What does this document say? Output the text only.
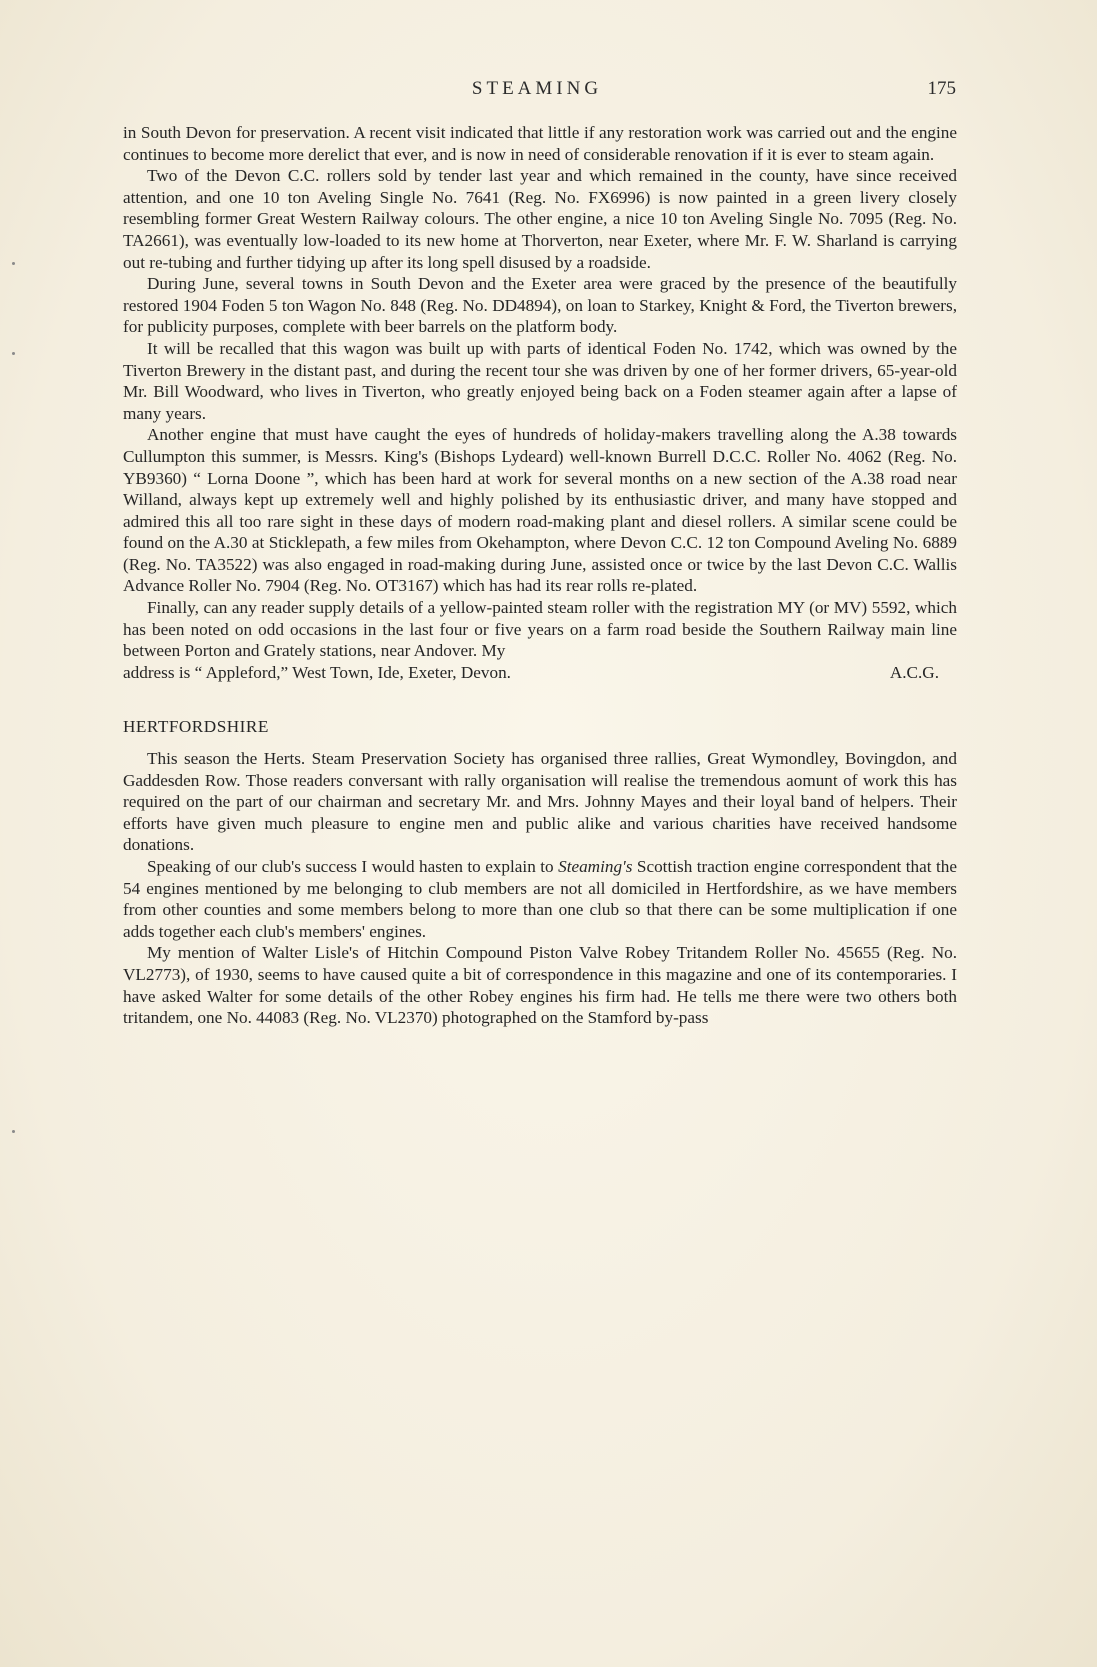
STEAMING	175

in South Devon for preservation. A recent visit indicated that little if any restoration work was carried out and the engine continues to become more derelict that ever, and is now in need of considerable renovation if it is ever to steam again.

Two of the Devon C.C. rollers sold by tender last year and which remained in the county, have since received attention, and one 10 ton Aveling Single No. 7641 (Reg. No. FX6996) is now painted in a green livery closely resembling former Great Western Railway colours. The other engine, a nice 10 ton Aveling Single No. 7095 (Reg. No. TA2661), was eventually low-loaded to its new home at Thorverton, near Exeter, where Mr. F. W. Sharland is carrying out re-tubing and further tidying up after its long spell disused by a roadside.

During June, several towns in South Devon and the Exeter area were graced by the presence of the beautifully restored 1904 Foden 5 ton Wagon No. 848 (Reg. No. DD4894), on loan to Starkey, Knight & Ford, the Tiverton brewers, for publicity purposes, complete with beer barrels on the platform body.

It will be recalled that this wagon was built up with parts of identical Foden No. 1742, which was owned by the Tiverton Brewery in the distant past, and during the recent tour she was driven by one of her former drivers, 65-year-old Mr. Bill Woodward, who lives in Tiverton, who greatly enjoyed being back on a Foden steamer again after a lapse of many years.

Another engine that must have caught the eyes of hundreds of holiday-makers travelling along the A.38 towards Cullumpton this summer, is Messrs. King's (Bishops Lydeard) well-known Burrell D.C.C. Roller No. 4062 (Reg. No. YB9360) “ Lorna Doone ”, which has been hard at work for several months on a new section of the A.38 road near Willand, always kept up extremely well and highly polished by its enthusiastic driver, and many have stopped and admired this all too rare sight in these days of modern road-making plant and diesel rollers. A similar scene could be found on the A.30 at Sticklepath, a few miles from Okehampton, where Devon C.C. 12 ton Compound Aveling No. 6889 (Reg. No. TA3522) was also engaged in road-making during June, assisted once or twice by the last Devon C.C. Wallis Advance Roller No. 7904 (Reg. No. OT3167) which has had its rear rolls re-plated.

Finally, can any reader supply details of a yellow-painted steam roller with the registration MY (or MV) 5592, which has been noted on odd occasions in the last four or five years on a farm road beside the Southern Railway main line between Porton and Grately stations, near Andover. My

address is “ Appleford,” West Town, Ide, Exeter, Devon.	A.C.G.
HERTFORDSHIRE

This season the Herts. Steam Preservation Society has organised three rallies, Great Wymondley, Bovingdon, and Gaddesden Row. Those readers conversant with rally organisation will realise the tremendous aomunt of work this has required on the part of our chairman and secretary Mr. and Mrs. Johnny Mayes and their loyal band of helpers. Their efforts have given much pleasure to engine men and public alike and various charities have received handsome donations.

Speaking of our club's success I would hasten to explain to Steaming's Scottish traction engine correspondent that the 54 engines mentioned by me belonging to club members are not all domiciled in Hertfordshire, as we have members from other counties and some members belong to more than one club so that there can be some multiplication if one adds together each club's members' engines.

My mention of Walter Lisle's of Hitchin Compound Piston Valve Robey Tritandem Roller No. 45655 (Reg. No. VL2773), of 1930, seems to have caused quite a bit of correspondence in this magazine and one of its contemporaries. I have asked Walter for some details of the other Robey engines his firm had. He tells me there were two others both tritandem, one No. 44083 (Reg. No. VL2370) photographed on the Stamford by-pass
